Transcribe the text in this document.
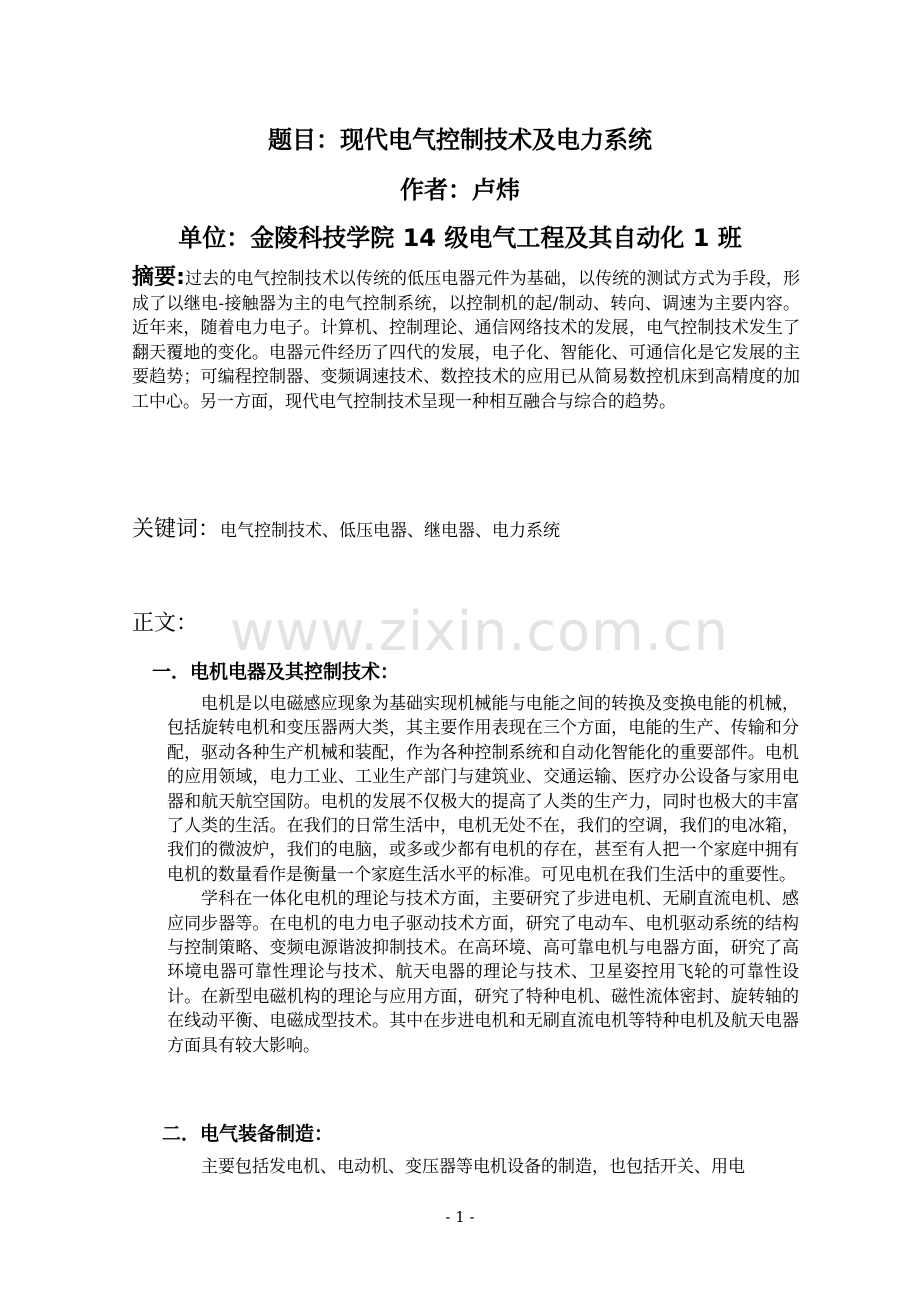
www.zixin.com.cn
题目：现代电气控制技术及电力系统
作者：卢炜
单位：金陵科技学院 14 级电气工程及其自动化 1 班
摘要:过去的电气控制技术以传统的低压电器元件为基础，以传统的测试方式为手段，形成了以继电-接触器为主的电气控制系统，以控制机的起/制动、转向、调速为主要内容。近年来，随着电力电子。计算机、控制理论、通信网络技术的发展，电气控制技术发生了翻天覆地的变化。电器元件经历了四代的发展，电子化、智能化、可通信化是它发展的主要趋势；可编程控制器、变频调速技术、数控技术的应用已从简易数控机床到高精度的加工中心。另一方面，现代电气控制技术呈现一种相互融合与综合的趋势。
关键词：电气控制技术、低压电器、继电器、电力系统
正文：
一．电机电器及其控制技术：

电机是以电磁感应现象为基础实现机械能与电能之间的转换及变换电能的机械，包括旋转电机和变压器两大类，其主要作用表现在三个方面，电能的生产、传输和分配，驱动各种生产机械和装配，作为各种控制系统和自动化智能化的重要部件。电机的应用领域，电力工业、工业生产部门与建筑业、交通运输、医疗办公设备与家用电器和航天航空国防。电机的发展不仅极大的提高了人类的生产力，同时也极大的丰富了人类的生活。在我们的日常生活中，电机无处不在，我们的空调，我们的电冰箱，我们的微波炉，我们的电脑，或多或少都有电机的存在，甚至有人把一个家庭中拥有电机的数量看作是衡量一个家庭生活水平的标准。可见电机在我们生活中的重要性。

学科在一体化电机的理论与技术方面，主要研究了步进电机、无刷直流电机、感应同步器等。在电机的电力电子驱动技术方面，研究了电动车、电机驱动系统的结构与控制策略、变频电源谐波抑制技术。在高环境、高可靠电机与电器方面，研究了高环境电器可靠性理论与技术、航天电器的理论与技术、卫星姿控用飞轮的可靠性设计。在新型电磁机构的理论与应用方面，研究了特种电机、磁性流体密封、旋转轴的在线动平衡、电磁成型技术。其中在步进电机和无刷直流电机等特种电机及航天电器方面具有较大影响。

二．电气装备制造：

主要包括发电机、电动机、变压器等电机设备的制造，也包括开关、用电

- 1 -
